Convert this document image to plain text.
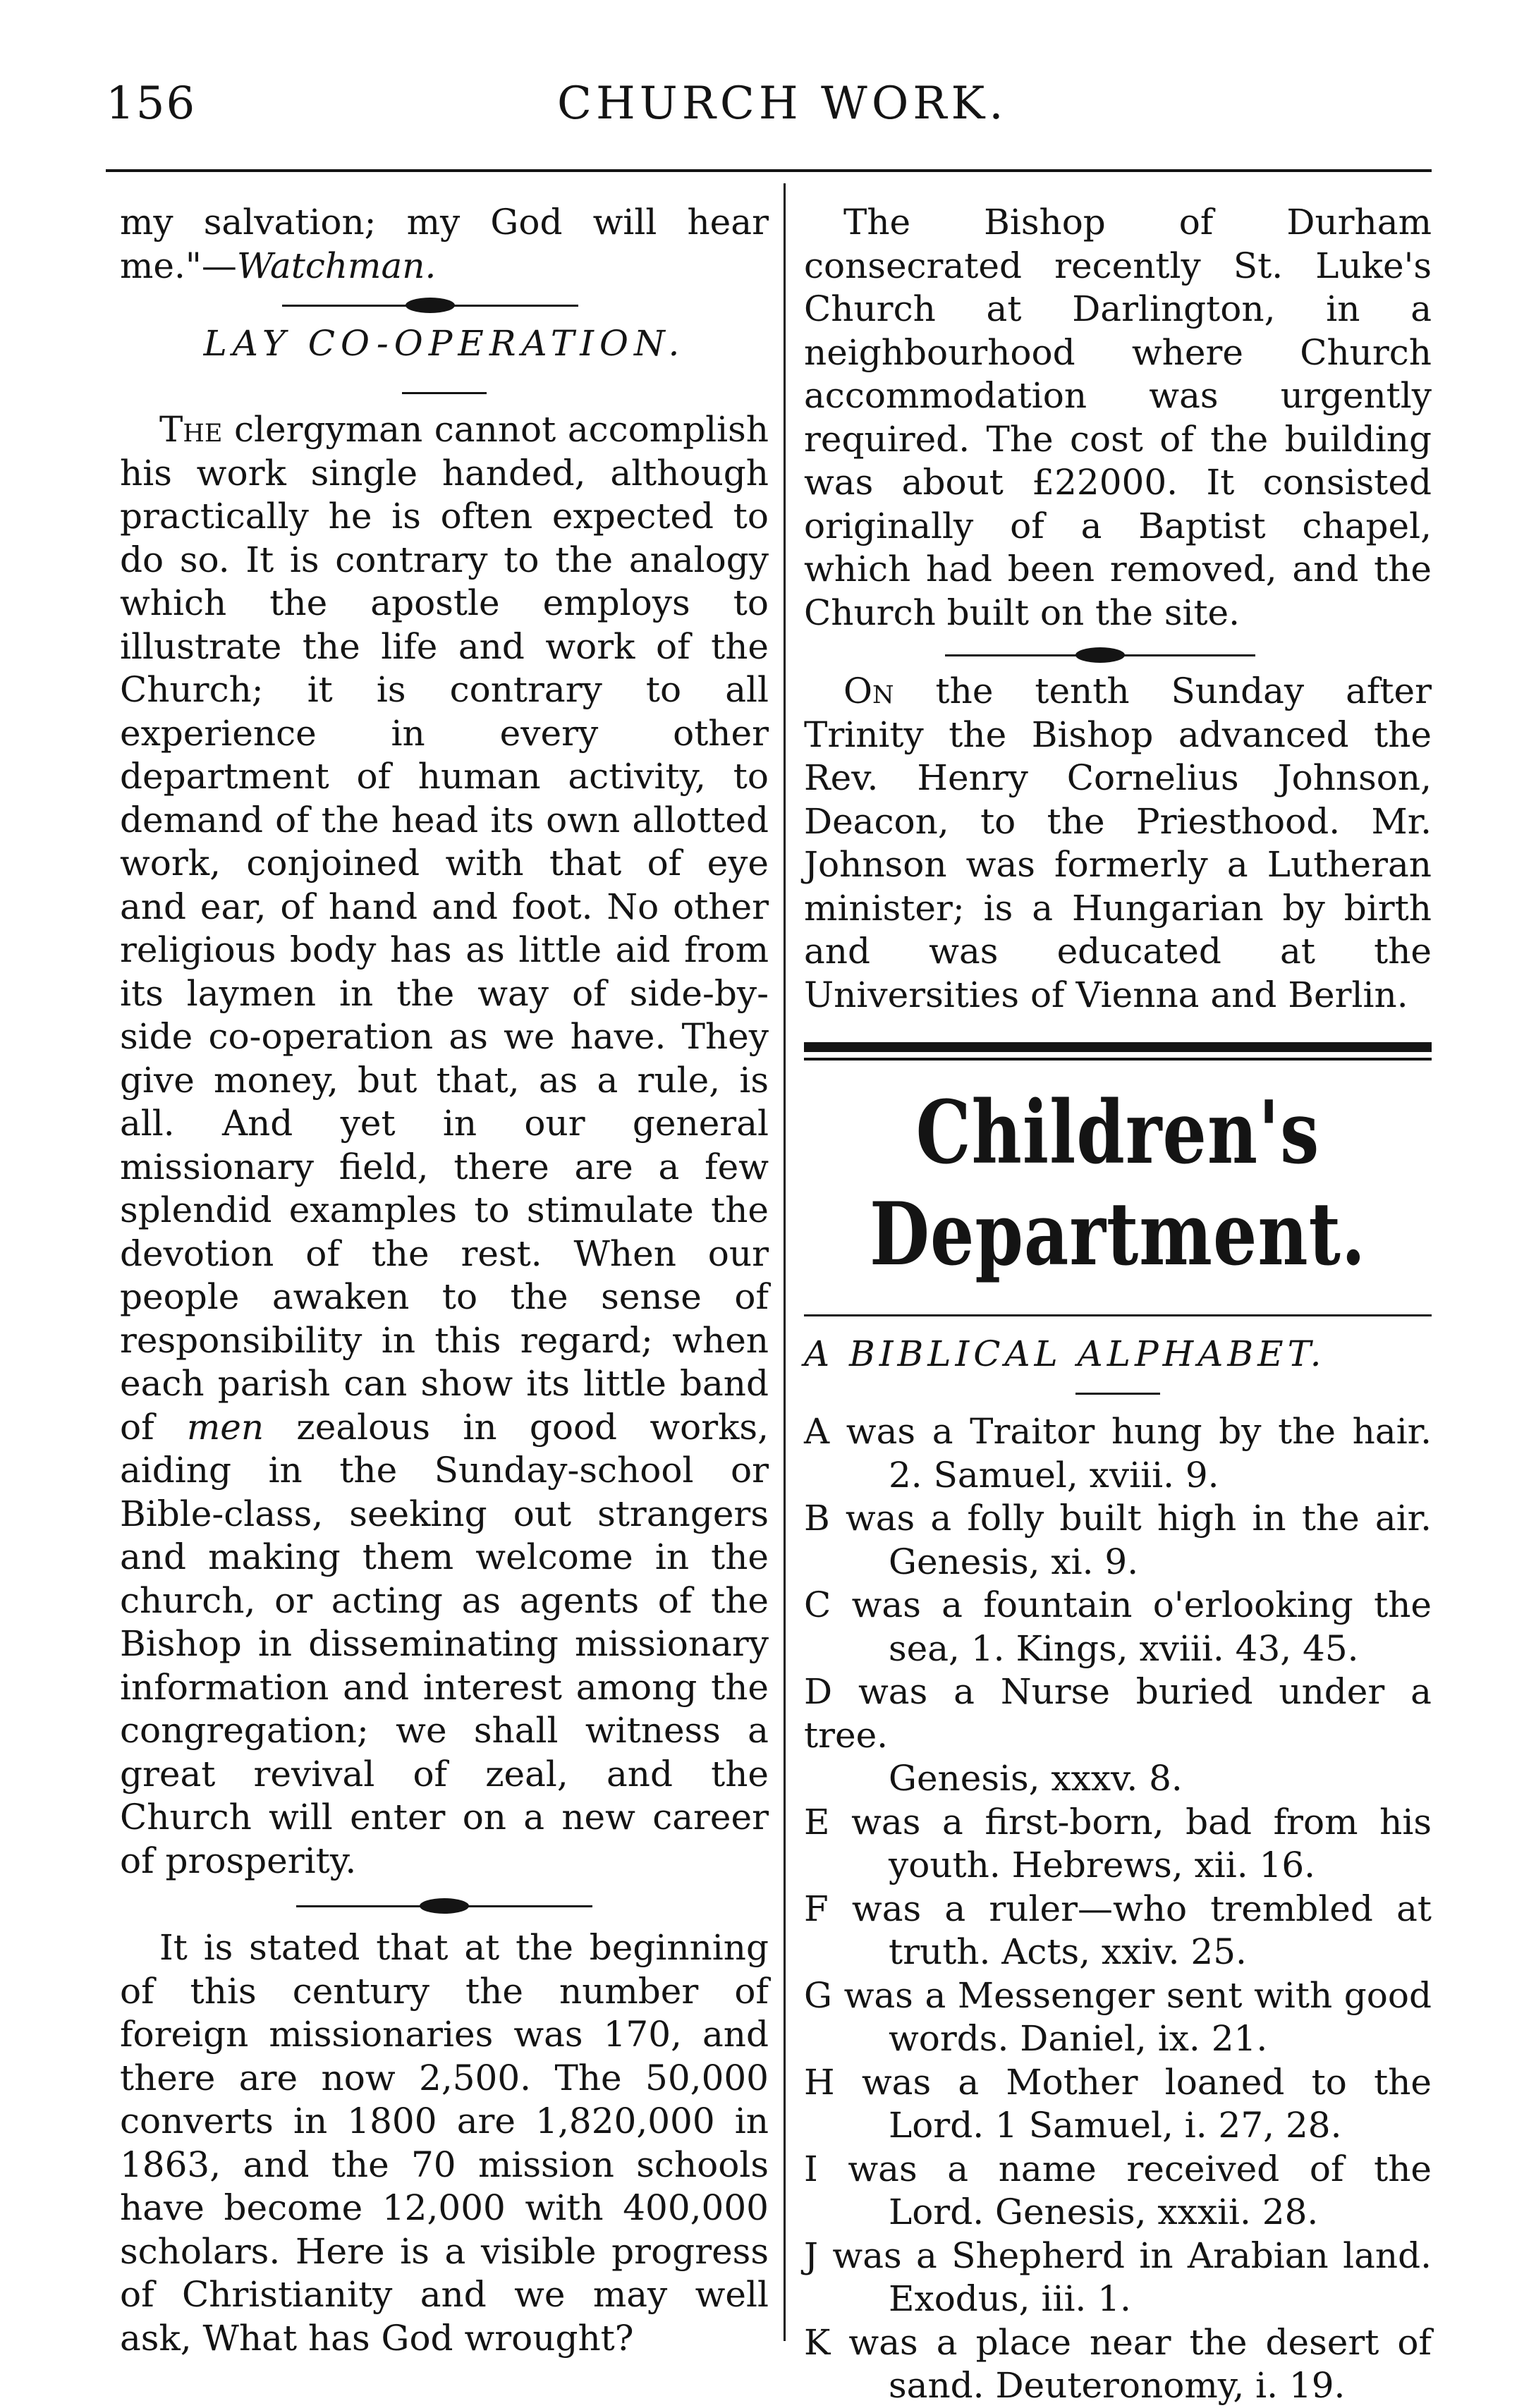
156	CHURCH WORK.

my salvation; my God will hear me."—Watchman.

LAY CO-OPERATION.

The clergyman cannot accomplish his work single handed, although practically he is often expected to do so. It is contrary to the analogy which the apostle employs to illustrate the life and work of the Church; it is contrary to all experience in every other department of human activity, to demand of the head its own allotted work, conjoined with that of eye and ear, of hand and foot. No other religious body has as little aid from its laymen in the way of side-by-side co-operation as we have. They give money, but that, as a rule, is all. And yet in our general missionary field, there are a few splendid examples to stimulate the devotion of the rest. When our people awaken to the sense of responsibility in this regard; when each parish can show its little band of men zealous in good works, aiding in the Sunday-school or Bible-class, seeking out strangers and making them welcome in the church, or acting as agents of the Bishop in disseminating missionary information and interest among the congregation; we shall witness a great revival of zeal, and the Church will enter on a new career of prosperity.

It is stated that at the beginning of this century the number of foreign missionaries was 170, and there are now 2,500. The 50,000 converts in 1800 are 1,820,000 in 1863, and the 70 mission schools have become 12,000 with 400,000 scholars. Here is a visible progress of Christianity and we may well ask, What has God wrought?

The Bishop of Durham consecrated recently St. Luke's Church at Darlington, in a neighbourhood where Church accommodation was urgently required. The cost of the building was about £22000. It consisted originally of a Baptist chapel, which had been removed, and the Church built on the site.

On the tenth Sunday after Trinity the Bishop advanced the Rev. Henry Cornelius Johnson, Deacon, to the Priesthood. Mr. Johnson was formerly a Lutheran minister; is a Hungarian by birth and was educated at the Universities of Vienna and Berlin.

Children's Department.

A BIBLICAL ALPHABET.

A was a Traitor hung by the hair.
2. Samuel, xviii. 9.

B was a folly built high in the air.
Genesis, xi. 9.

C was a fountain o'erlooking the
sea, 1. Kings, xviii. 43, 45.

D was a Nurse buried under a tree.
Genesis, xxxv. 8.

E was a first-born, bad from his
youth. Hebrews, xii. 16.

F was a ruler—who trembled at
truth. Acts, xxiv. 25.

G was a Messenger sent with good
words. Daniel, ix. 21.

H was a Mother loaned to the
Lord. 1 Samuel, i. 27, 28.

I was a name received of the
Lord. Genesis, xxxii. 28.

J was a Shepherd in Arabian land.
Exodus, iii. 1.

K was a place near the desert of
sand. Deuteronomy, i. 19.
